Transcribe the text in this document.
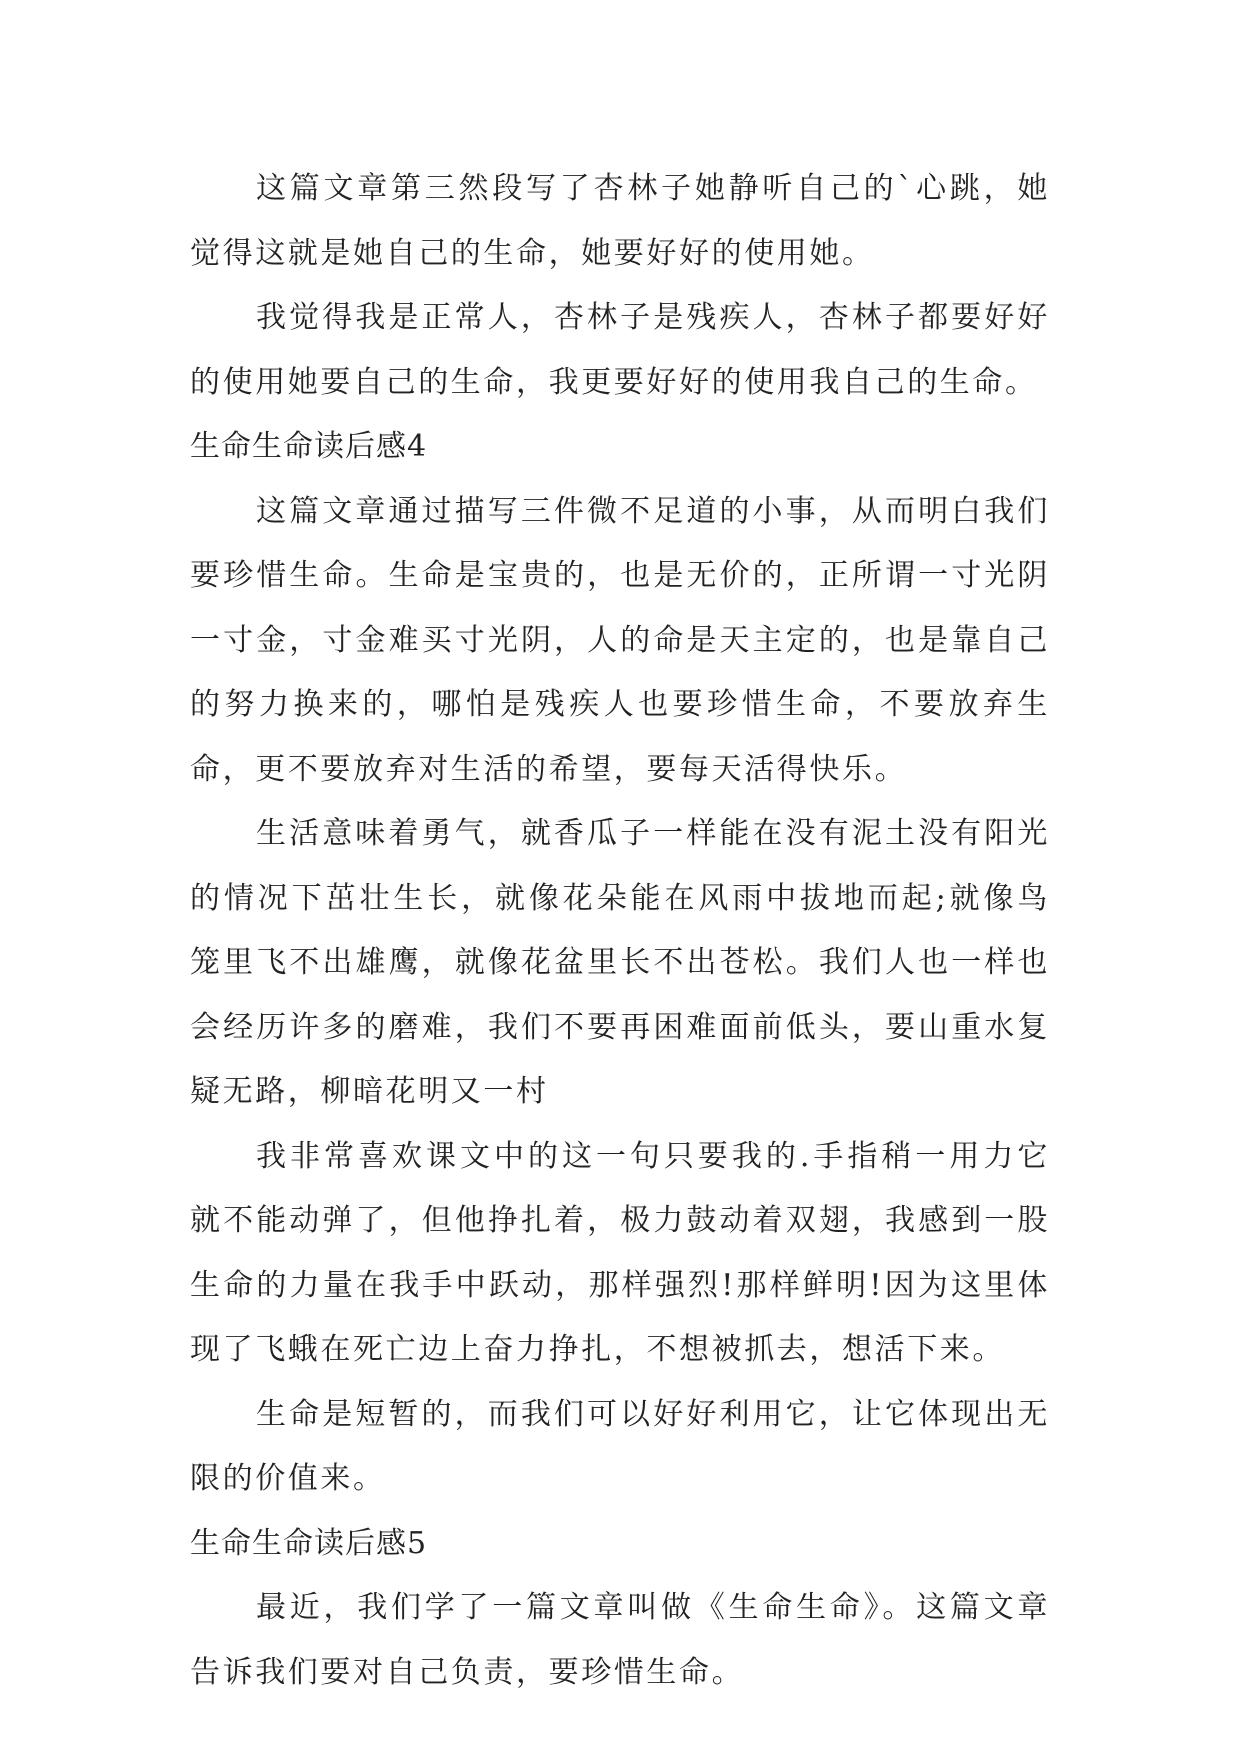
这篇文章第三然段写了杏林子她静听自己的`心跳，她觉得这就是她自己的生命，她要好好的使用她。

我觉得我是正常人，杏林子是残疾人，杏林子都要好好的使用她要自己的生命，我更要好好的使用我自己的生命。

生命生命读后感4

这篇文章通过描写三件微不足道的小事，从而明白我们要珍惜生命。生命是宝贵的，也是无价的，正所谓一寸光阴一寸金，寸金难买寸光阴，人的命是天主定的，也是靠自己的努力换来的，哪怕是残疾人也要珍惜生命，不要放弃生命，更不要放弃对生活的希望，要每天活得快乐。

生活意味着勇气，就香瓜子一样能在没有泥土没有阳光的情况下茁壮生长，就像花朵能在风雨中拔地而起;就像鸟笼里飞不出雄鹰，就像花盆里长不出苍松。我们人也一样也会经历许多的磨难，我们不要再困难面前低头，要山重水复疑无路，柳暗花明又一村

我非常喜欢课文中的这一句只要我的.手指稍一用力它就不能动弹了，但他挣扎着，极力鼓动着双翅，我感到一股生命的力量在我手中跃动，那样强烈!那样鲜明!因为这里体现了飞蛾在死亡边上奋力挣扎，不想被抓去，想活下来。

生命是短暂的，而我们可以好好利用它，让它体现出无限的价值来。

生命生命读后感5

最近，我们学了一篇文章叫做《生命生命》。这篇文章告诉我们要对自己负责，要珍惜生命。
